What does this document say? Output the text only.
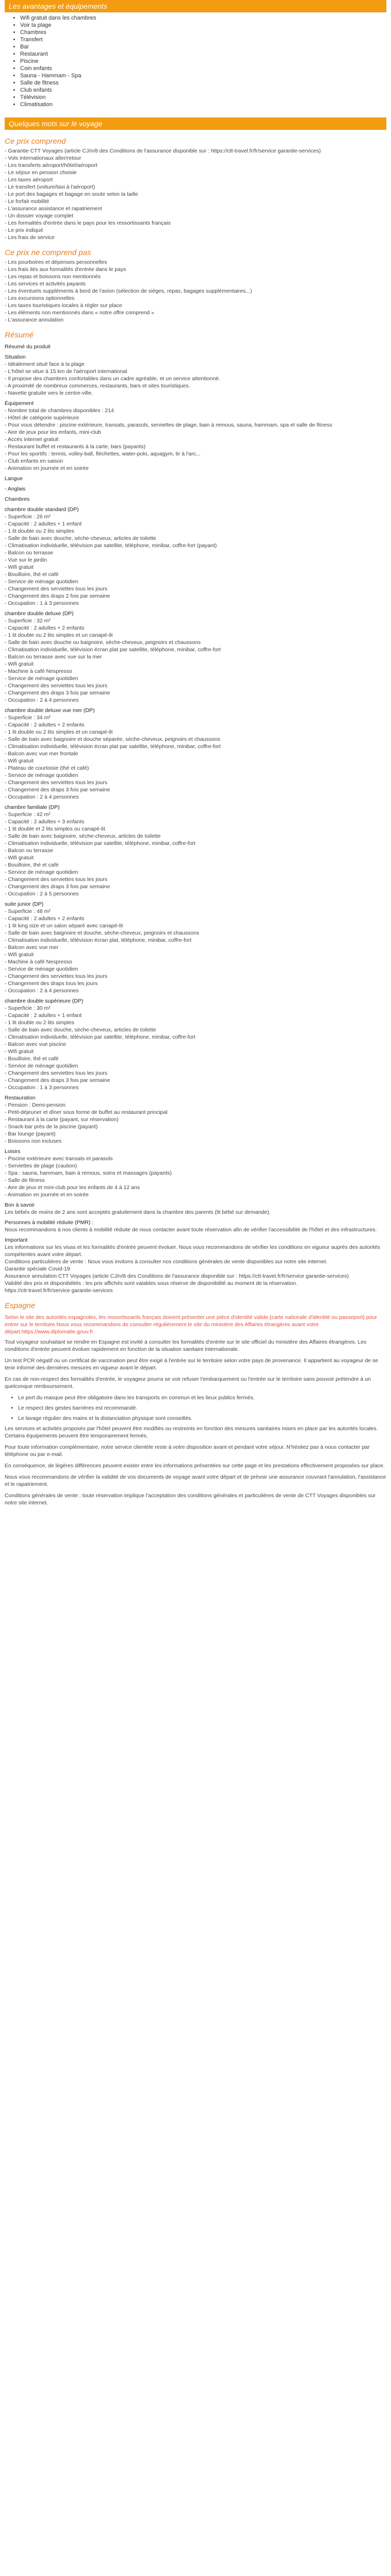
Les avantages et équipements
• Wifi gratuit dans les chambres
• Voir la plage
• Chambres
• Transfert
• Bar
• Restaurant
• Piscine
• Coin enfants
• Sauna - Hammam - Spa
• Salle de fitness
• Club enfants
• Télévision
• Climatisation
Quelques mots sur le voyage
Ce prix comprend
- Garantie CTT Voyages (article CJ/n/8 des Conditions de l'assurance disponible sur : https://ctt-travel.fr/fr/service garantie-services)
- Vols internationaux aller/retour
- Les transferts aéroport/hôtel/aéroport
- Le séjour en pension choisie
- Les taxes aéroport
- Le transfert (voiture/taxi à l'aéroport)
- Le port des bagages et bagage en soute selon la taille
- Le forfait mobilité
- L'assurance assistance et rapatriement
- Un dossier voyage complet
- Les formalités d'entrée dans le pays pour les ressortissants français
- Le prix indiqué
- Les frais de service
Ce prix ne comprend pas
- Les pourboires et dépenses personnelles
- Les frais liés aux formalités d'entrée dans le pays
- Les repas et boissons non mentionnés
- Les services et activités payants
- Les éventuels suppléments à bord de l'avion (sélection de sièges, repas, bagages supplémentaires...)
- Les excursions optionnelles
- Les taxes touristiques locales à régler sur place
- Les éléments non mentionnés dans « notre offre comprend »
- L'assurance annulation
Résumé
Résumé du produit
Situation
- Idéalement situé face à la plage
- L'hôtel se situe à 15 km de l'aéroport international
- Il propose des chambres confortables dans un cadre agréable, et un service attentionné.
- A proximité de nombreux commerces, restaurants, bars et sites touristiques.
- Navette gratuite vers le centre-ville.
Équipement
- Nombre total de chambres disponibles : 214
- Hôtel de catégorie supérieure
- Pour vous détendre : piscine extérieure, transats, parasols, serviettes de plage, bain à remous, sauna, hammam, spa et salle de fitness
- Aire de jeux pour les enfants, mini-club
- Accès internet gratuit
- Restaurant buffet et restaurants à la carte, bars (payants)
- Pour les sportifs : tennis, volley-ball, fléchettes, water-polo, aquagym, tir à l'arc...
- Club enfants en saison
- Animation en journée et en soirée
Langue
- Anglais
Chambres
chambre double standard (DP)
- Superficie : 26 m²
- Capacité : 2 adultes + 1 enfant
- 1 lit double ou 2 lits simples
- Salle de bain avec douche, sèche-cheveux, articles de toilette
- Climatisation individuelle, télévision par satellite, téléphone, minibar, coffre-fort (payant)
- Balcon ou terrasse
- Vue sur le jardin
- Wifi gratuit
- Bouilloire, thé et café
- Service de ménage quotidien
- Changement des serviettes tous les jours
- Changement des draps 2 fois par semaine
- Occupation : 1 à 3 personnes
chambre double deluxe (DP)
- Superficie : 32 m²
- Capacité : 2 adultes + 2 enfants
- 1 lit double ou 2 lits simples et un canapé-lit
- Salle de bain avec douche ou baignoire, sèche-cheveux, peignoirs et chaussons
- Climatisation individuelle, télévision écran plat par satellite, téléphone, minibar, coffre-fort
- Balcon ou terrasse avec vue sur la mer
- Wifi gratuit
- Machine à café Nespresso
- Service de ménage quotidien
- Changement des serviettes tous les jours
- Changement des draps 3 fois par semaine
- Occupation : 2 à 4 personnes
chambre double deluxe vue mer (DP)
- Superficie : 34 m²
- Capacité : 2 adultes + 2 enfants
- 1 lit double ou 2 lits simples et un canapé-lit
- Salle de bain avec baignoire et douche séparée, sèche-cheveux, peignoirs et chaussons
- Climatisation individuelle, télévision écran plat par satellite, téléphone, minibar, coffre-fort
- Balcon avec vue mer frontale
- Wifi gratuit
- Plateau de courtoisie (thé et café)
- Service de ménage quotidien
- Changement des serviettes tous les jours
- Changement des draps 3 fois par semaine
- Occupation : 2 à 4 personnes
chambre familiale (DP)
- Superficie : 42 m²
- Capacité : 2 adultes + 3 enfants
- 1 lit double et 2 lits simples ou canapé-lit
- Salle de bain avec baignoire, sèche-cheveux, articles de toilette
- Climatisation individuelle, télévision par satellite, téléphone, minibar, coffre-fort
- Balcon ou terrasse
- Wifi gratuit
- Bouilloire, thé et café
- Service de ménage quotidien
- Changement des serviettes tous les jours
- Changement des draps 3 fois par semaine
- Occupation : 2 à 5 personnes
suite junior (DP)
- Superficie : 48 m²
- Capacité : 2 adultes + 2 enfants
- 1 lit king size et un salon séparé avec canapé-lit
- Salle de bain avec baignoire et douche, sèche-cheveux, peignoirs et chaussons
- Climatisation individuelle, télévision écran plat, téléphone, minibar, coffre-fort
- Balcon avec vue mer
- Wifi gratuit
- Machine à café Nespresso
- Service de ménage quotidien
- Changement des serviettes tous les jours
- Changement des draps tous les jours
- Occupation : 2 à 4 personnes
chambre double supérieure (DP)
- Superficie : 30 m²
- Capacité : 2 adultes + 1 enfant
- 1 lit double ou 2 lits simples
- Salle de bain avec douche, sèche-cheveux, articles de toilette
- Climatisation individuelle, télévision par satellite, téléphone, minibar, coffre-fort
- Balcon avec vue piscine
- Wifi gratuit
- Bouilloire, thé et café
- Service de ménage quotidien
- Changement des serviettes tous les jours
- Changement des draps 3 fois par semaine
- Occupation : 1 à 3 personnes
Restauration
- Pension : Demi-pension
- Petit-déjeuner et dîner sous forme de buffet au restaurant principal
- Restaurant à la carte (payant, sur réservation)
- Snack-bar près de la piscine (payant)
- Bar lounge (payant)
- Boissons non incluses
Loisirs
- Piscine extérieure avec transats et parasols
- Serviettes de plage (caution)
- Spa : sauna, hammam, bain à remous, soins et massages (payants)
- Salle de fitness
- Aire de jeux et mini-club pour les enfants de 4 à 12 ans
- Animation en journée et en soirée
Bon à savoir
Les bébés de moins de 2 ans sont acceptés gratuitement dans la chambre des parents (lit bébé sur demande).
Personnes à mobilité réduite (PMR) :
Nous recommandons à nos clients à mobilité réduite de nous contacter avant toute réservation afin de vérifier l'accessibilité de l'hôtel et des infrastructures.
Important
Les informations sur les visas et les formalités d'entrée peuvent évoluer. Nous vous recommandons de vérifier les conditions en vigueur auprès des autorités compétentes avant votre départ.
Conditions particulières de vente : Nous vous invitons à consulter nos conditions générales de vente disponibles sur notre site internet.
Garantie spéciale Covid-19
Assurance annulation CTT Voyages (article CJ/n/8 des Conditions de l'assurance disponible sur : https://ctt-travel.fr/fr/service garantie-services)
Validité des prix et disponibilités : les prix affichés sont valables sous réserve de disponibilité au moment de la réservation.
https://ctt-travel.fr/fr/service garantie-services
Espagne
Selon le site des autorités espagnoles, les ressortissants français doivent présenter une pièce d'identité valide (carte nationale d'identité ou passeport) pour entrer sur le territoire.Nous vous recommandons de consulter régulièrement le site du ministère des Affaires étrangères avant votre départ.https://www.diplomatie.gouv.fr

Tout voyageur souhaitant se rendre en Espagne est invité à consulter les formalités d'entrée sur le site officiel du ministère des Affaires étrangères. Les conditions d'entrée peuvent évoluer rapidement en fonction de la situation sanitaire internationale.

Un test PCR négatif ou un certificat de vaccination peut être exigé à l'entrée sur le territoire selon votre pays de provenance. Il appartient au voyageur de se tenir informé des dernières mesures en vigueur avant le départ.

En cas de non-respect des formalités d'entrée, le voyageur pourra se voir refuser l'embarquement ou l'entrée sur le territoire sans pouvoir prétendre à un quelconque remboursement.

• Le port du masque peut être obligatoire dans les transports en commun et les lieux publics fermés.
• Le respect des gestes barrières est recommandé.
• Le lavage régulier des mains et la distanciation physique sont conseillés.

Les services et activités proposés par l'hôtel peuvent être modifiés ou restreints en fonction des mesures sanitaires mises en place par les autorités locales. Certains équipements peuvent être temporairement fermés.

Pour toute information complémentaire, notre service clientèle reste à votre disposition avant et pendant votre séjour. N'hésitez pas à nous contacter par téléphone ou par e-mail.

En conséquence, de légères différences peuvent exister entre les informations présentées sur cette page et les prestations effectivement proposées sur place.

Nous vous recommandons de vérifier la validité de vos documents de voyage avant votre départ et de prévoir une assurance couvrant l'annulation, l'assistance et le rapatriement.

Conditions générales de vente : toute réservation implique l'acceptation des conditions générales et particulières de vente de CTT Voyages disponibles sur notre site internet.
